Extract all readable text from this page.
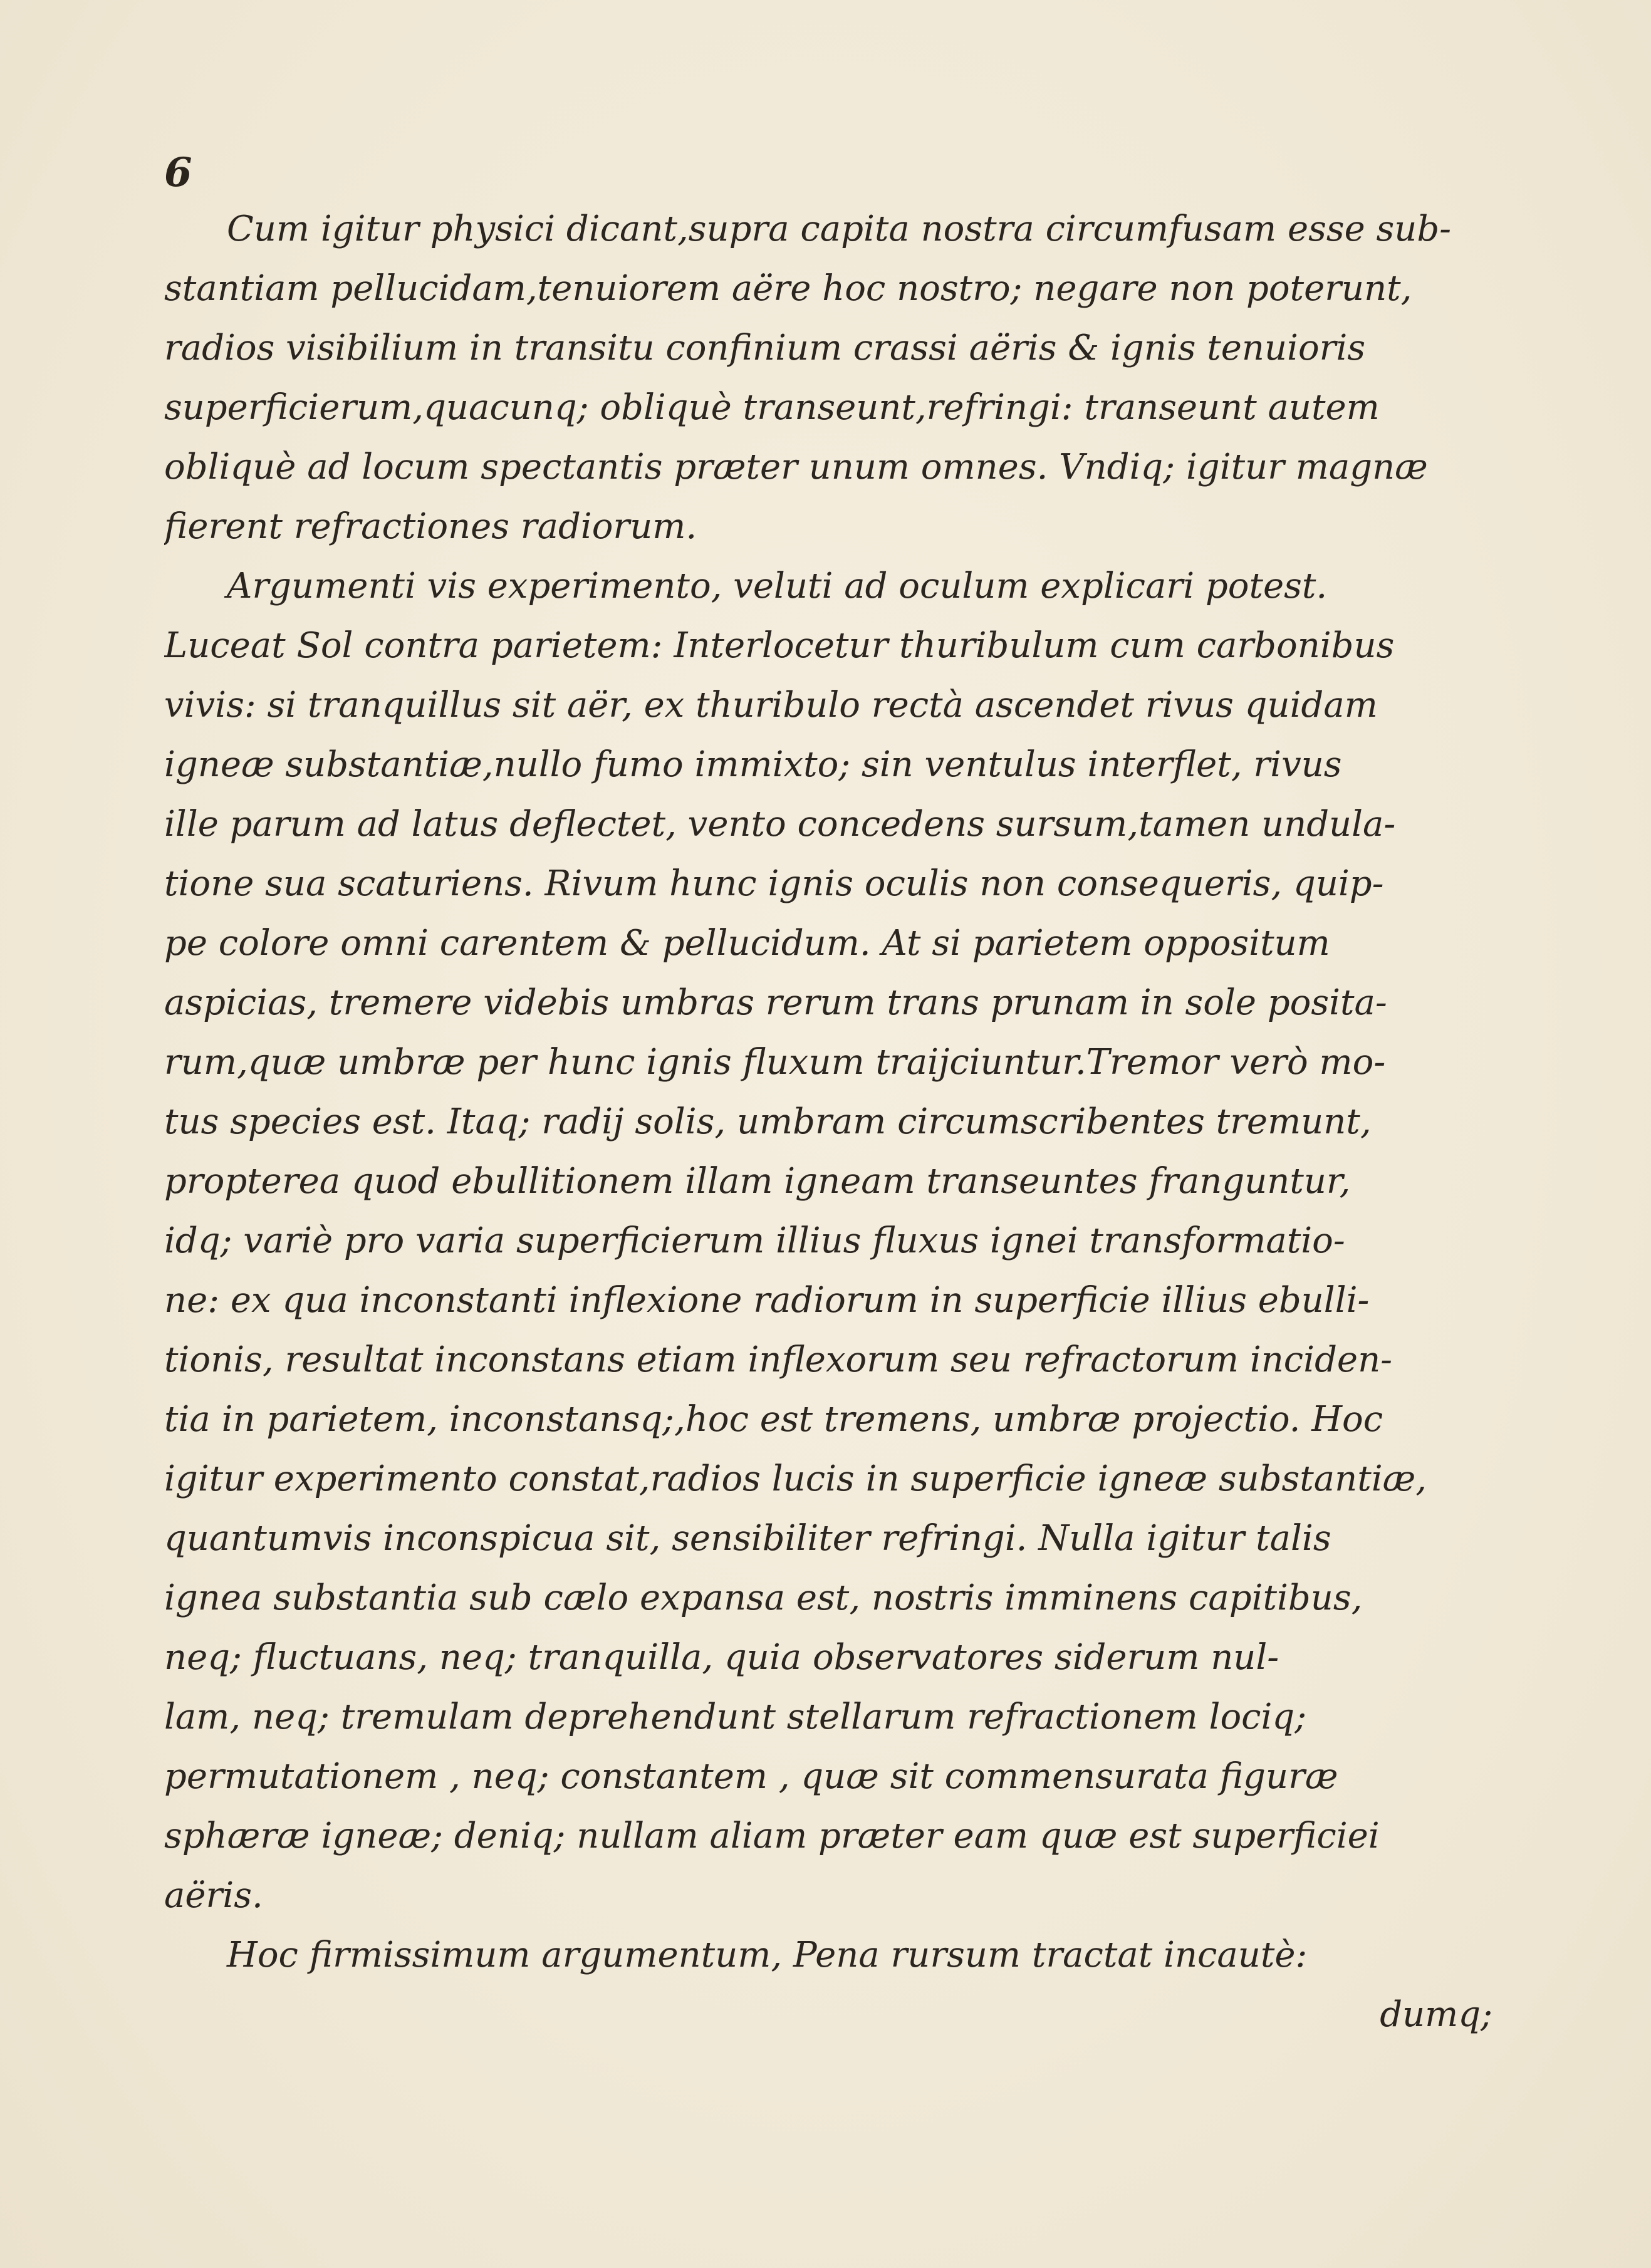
6
Cum igitur physici dicant,supra capita nostra circumfusam esse sub-
stantiam pellucidam,tenuiorem aëre hoc nostro; negare non poterunt,
radios visibilium in transitu confinium crassi aëris & ignis tenuioris
superficierum,quacunq; obliquè transeunt,refringi: transeunt autem
obliquè ad locum spectantis præter unum omnes. Vndiq; igitur magnæ
fierent refractiones radiorum.
Argumenti vis experimento, veluti ad oculum explicari potest.
Luceat Sol contra parietem: Interlocetur thuribulum cum carbonibus
vivis: si tranquillus sit aër, ex thuribulo rectà ascendet rivus quidam
igneæ substantiæ,nullo fumo immixto; sin ventulus interflet, rivus
ille parum ad latus deflectet, vento concedens sursum,tamen undula-
tione sua scaturiens. Rivum hunc ignis oculis non consequeris, quip-
pe colore omni carentem & pellucidum. At si parietem oppositum
aspicias, tremere videbis umbras rerum trans prunam in sole posita-
rum,quæ umbræ per hunc ignis fluxum traijciuntur.Tremor verò mo-
tus species est. Itaq; radij solis, umbram circumscribentes tremunt,
propterea quod ebullitionem illam igneam transeuntes franguntur,
idq; variè pro varia superficierum illius fluxus ignei transformatio-
ne: ex qua inconstanti inflexione radiorum in superficie illius ebulli-
tionis, resultat inconstans etiam inflexorum seu refractorum inciden-
tia in parietem, inconstansq;,hoc est tremens, umbræ projectio. Hoc
igitur experimento constat,radios lucis in superficie igneæ substantiæ,
quantumvis inconspicua sit, sensibiliter refringi. Nulla igitur talis
ignea substantia sub cælo expansa est, nostris imminens capitibus,
neq; fluctuans, neq; tranquilla, quia observatores siderum nul-
lam, neq; tremulam deprehendunt stellarum refractionem lociq;
permutationem , neq; constantem , quæ sit commensurata figuræ
sphæræ igneæ; deniq; nullam aliam præter eam quæ est superficiei
aëris.
Hoc firmissimum argumentum, Pena rursum tractat incautè:
dumq;
